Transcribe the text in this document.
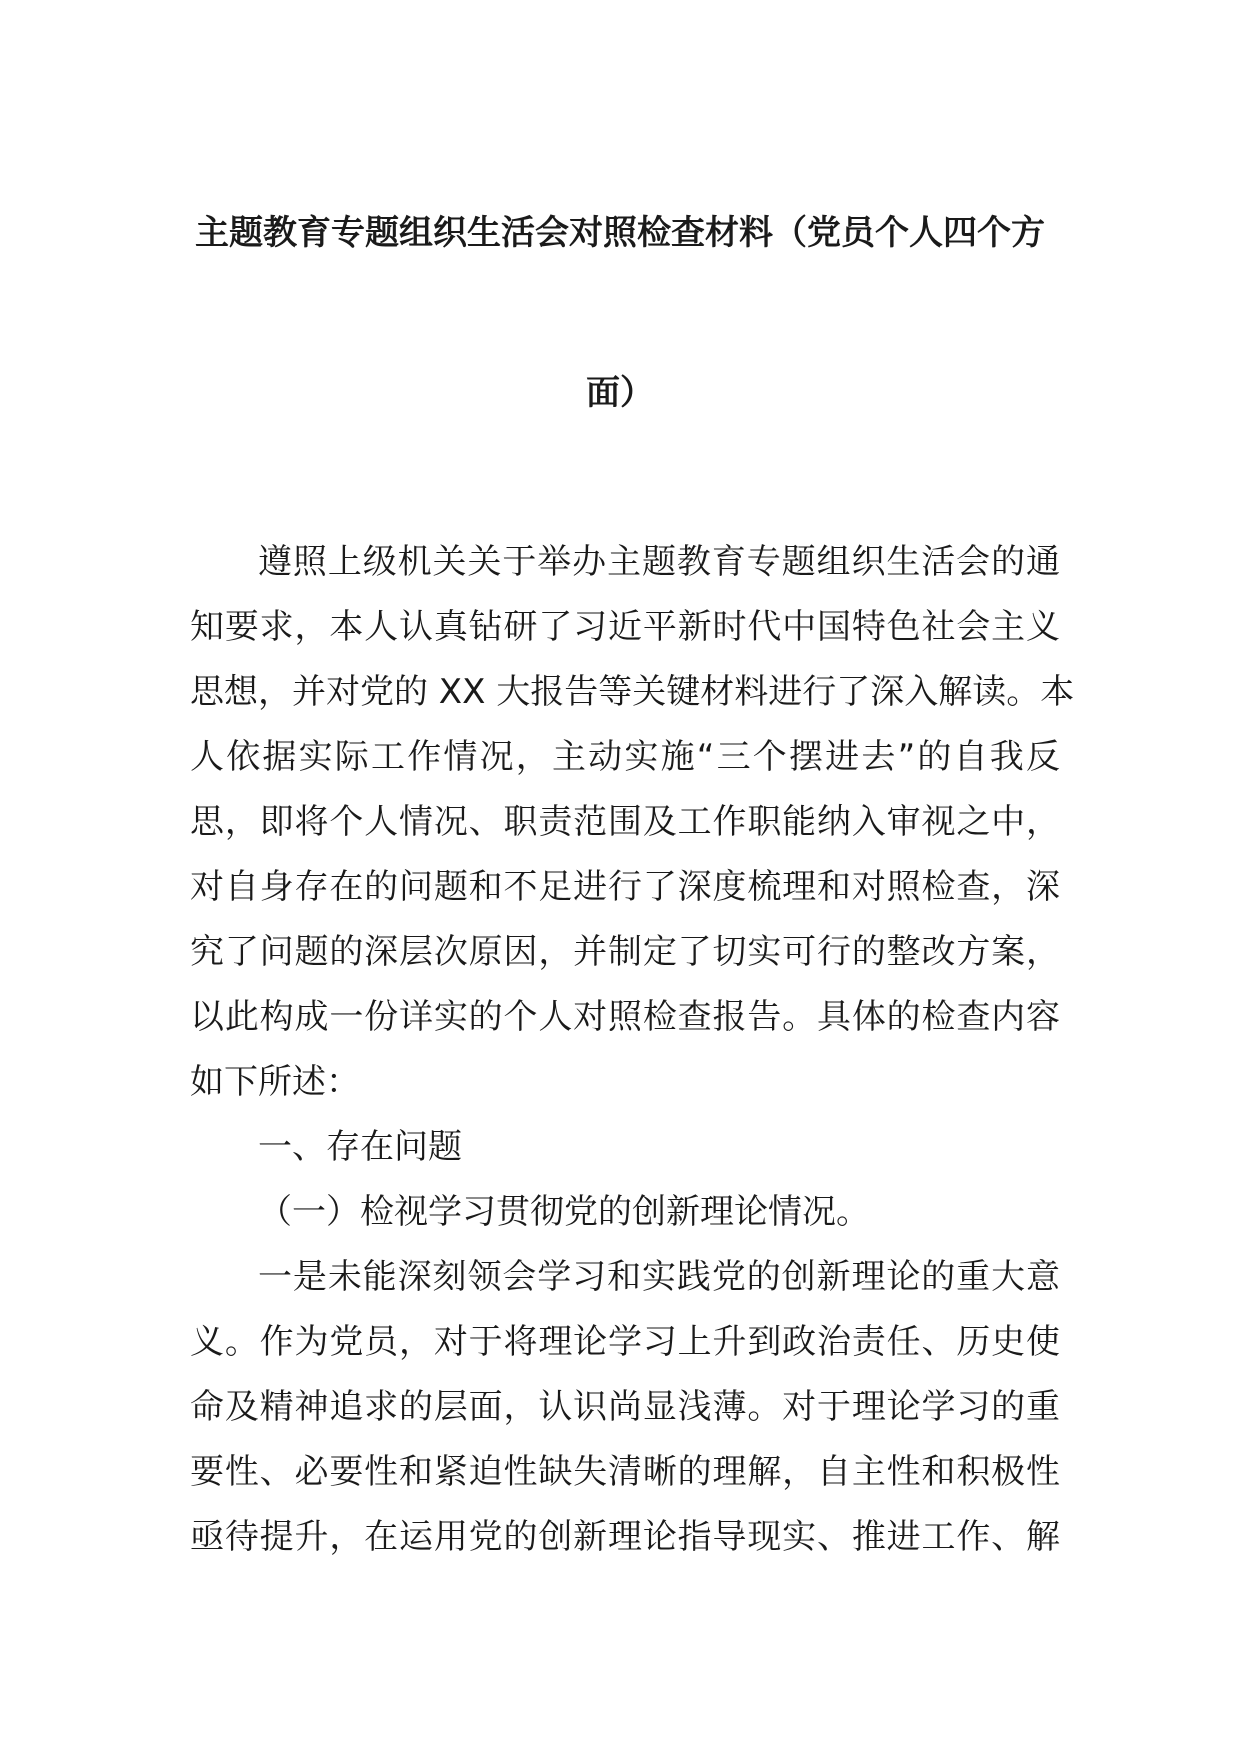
主题教育专题组织生活会对照检查材料（党员个人四个方
面）
遵照上级机关关于举办主题教育专题组织生活会的通
知要求，本人认真钻研了习近平新时代中国特色社会主义
思想，并对党的 XX 大报告等关键材料进行了深入解读。本
人依据实际工作情况，主动实施“三个摆进去”的自我反
思，即将个人情况、职责范围及工作职能纳入审视之中，
对自身存在的问题和不足进行了深度梳理和对照检查，深
究了问题的深层次原因，并制定了切实可行的整改方案，
以此构成一份详实的个人对照检查报告。具体的检查内容
如下所述：
一、存在问题
（一）检视学习贯彻党的创新理论情况。
一是未能深刻领会学习和实践党的创新理论的重大意
义。作为党员，对于将理论学习上升到政治责任、历史使
命及精神追求的层面，认识尚显浅薄。对于理论学习的重
要性、必要性和紧迫性缺失清晰的理解，自主性和积极性
亟待提升，在运用党的创新理论指导现实、推进工作、解
